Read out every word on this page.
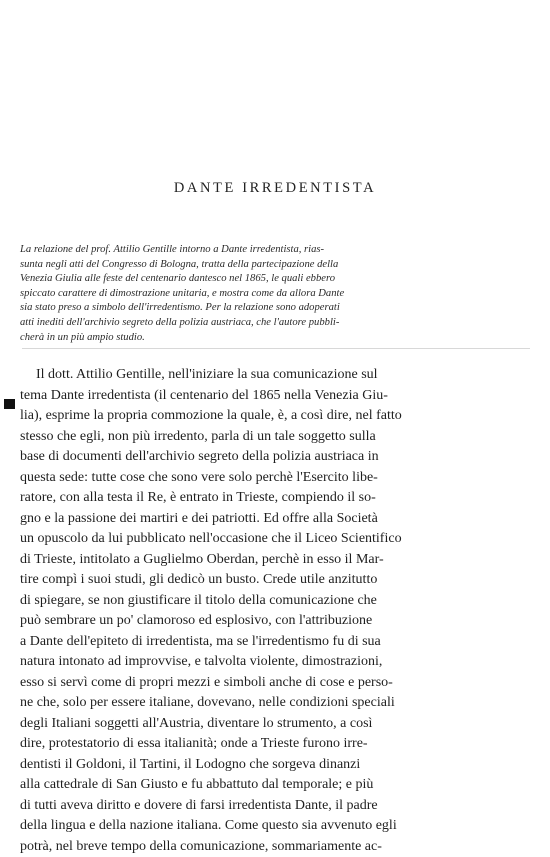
DANTE IRREDENTISTA
La relazione del prof. Attilio Gentille intorno a Dante irredentista, rias-
sunta negli atti del Congresso di Bologna, tratta della partecipazione della
Venezia Giulia alle feste del centenario dantesco nel 1865, le quali ebbero
spiccato carattere di dimostrazione unitaria, e mostra come da allora Dante
sia stato preso a simbolo dell'irredentismo. Per la relazione sono adoperati
atti inediti dell'archivio segreto della polizia austriaca, che l'autore pubbli-
cherà in un più ampio studio.
Il dott. Attilio Gentille, nell'iniziare la sua comunicazione sul
tema Dante irredentista (il centenario del 1865 nella Venezia Giu-
lia), esprime la propria commozione la quale, è, a così dire, nel fatto
stesso che egli, non più irredento, parla di un tale soggetto sulla
base di documenti dell'archivio segreto della polizia austriaca in
questa sede: tutte cose che sono vere solo perchè l'Esercito libe-
ratore, con alla testa il Re, è entrato in Trieste, compiendo il so-
gno e la passione dei martiri e dei patriotti. Ed offre alla Società
un opuscolo da lui pubblicato nell'occasione che il Liceo Scientifico
di Trieste, intitolato a Guglielmo Oberdan, perchè in esso il Mar-
tire compì i suoi studi, gli dedicò un busto. Crede utile anzitutto
di spiegare, se non giustificare il titolo della comunicazione che
può sembrare un po' clamoroso ed esplosivo, con l'attribuzione
a Dante dell'epiteto di irredentista, ma se l'irredentismo fu di sua
natura intonato ad improvvise, e talvolta violente, dimostrazioni,
esso si servì come di propri mezzi e simboli anche di cose e perso-
ne che, solo per essere italiane, dovevano, nelle condizioni speciali
degli Italiani soggetti all'Austria, diventare lo strumento, a così
dire, protestatorio di essa italianità; onde a Trieste furono irre-
dentisti il Goldoni, il Tartini, il Lodogno che sorgeva dinanzi
alla cattedrale di San Giusto e fu abbattuto dal temporale; e più
di tutti aveva diritto e dovere di farsi irredentista Dante, il padre
della lingua e della nazione italiana. Come questo sia avvenuto egli
potrà, nel breve tempo della comunicazione, sommariamente ac-
